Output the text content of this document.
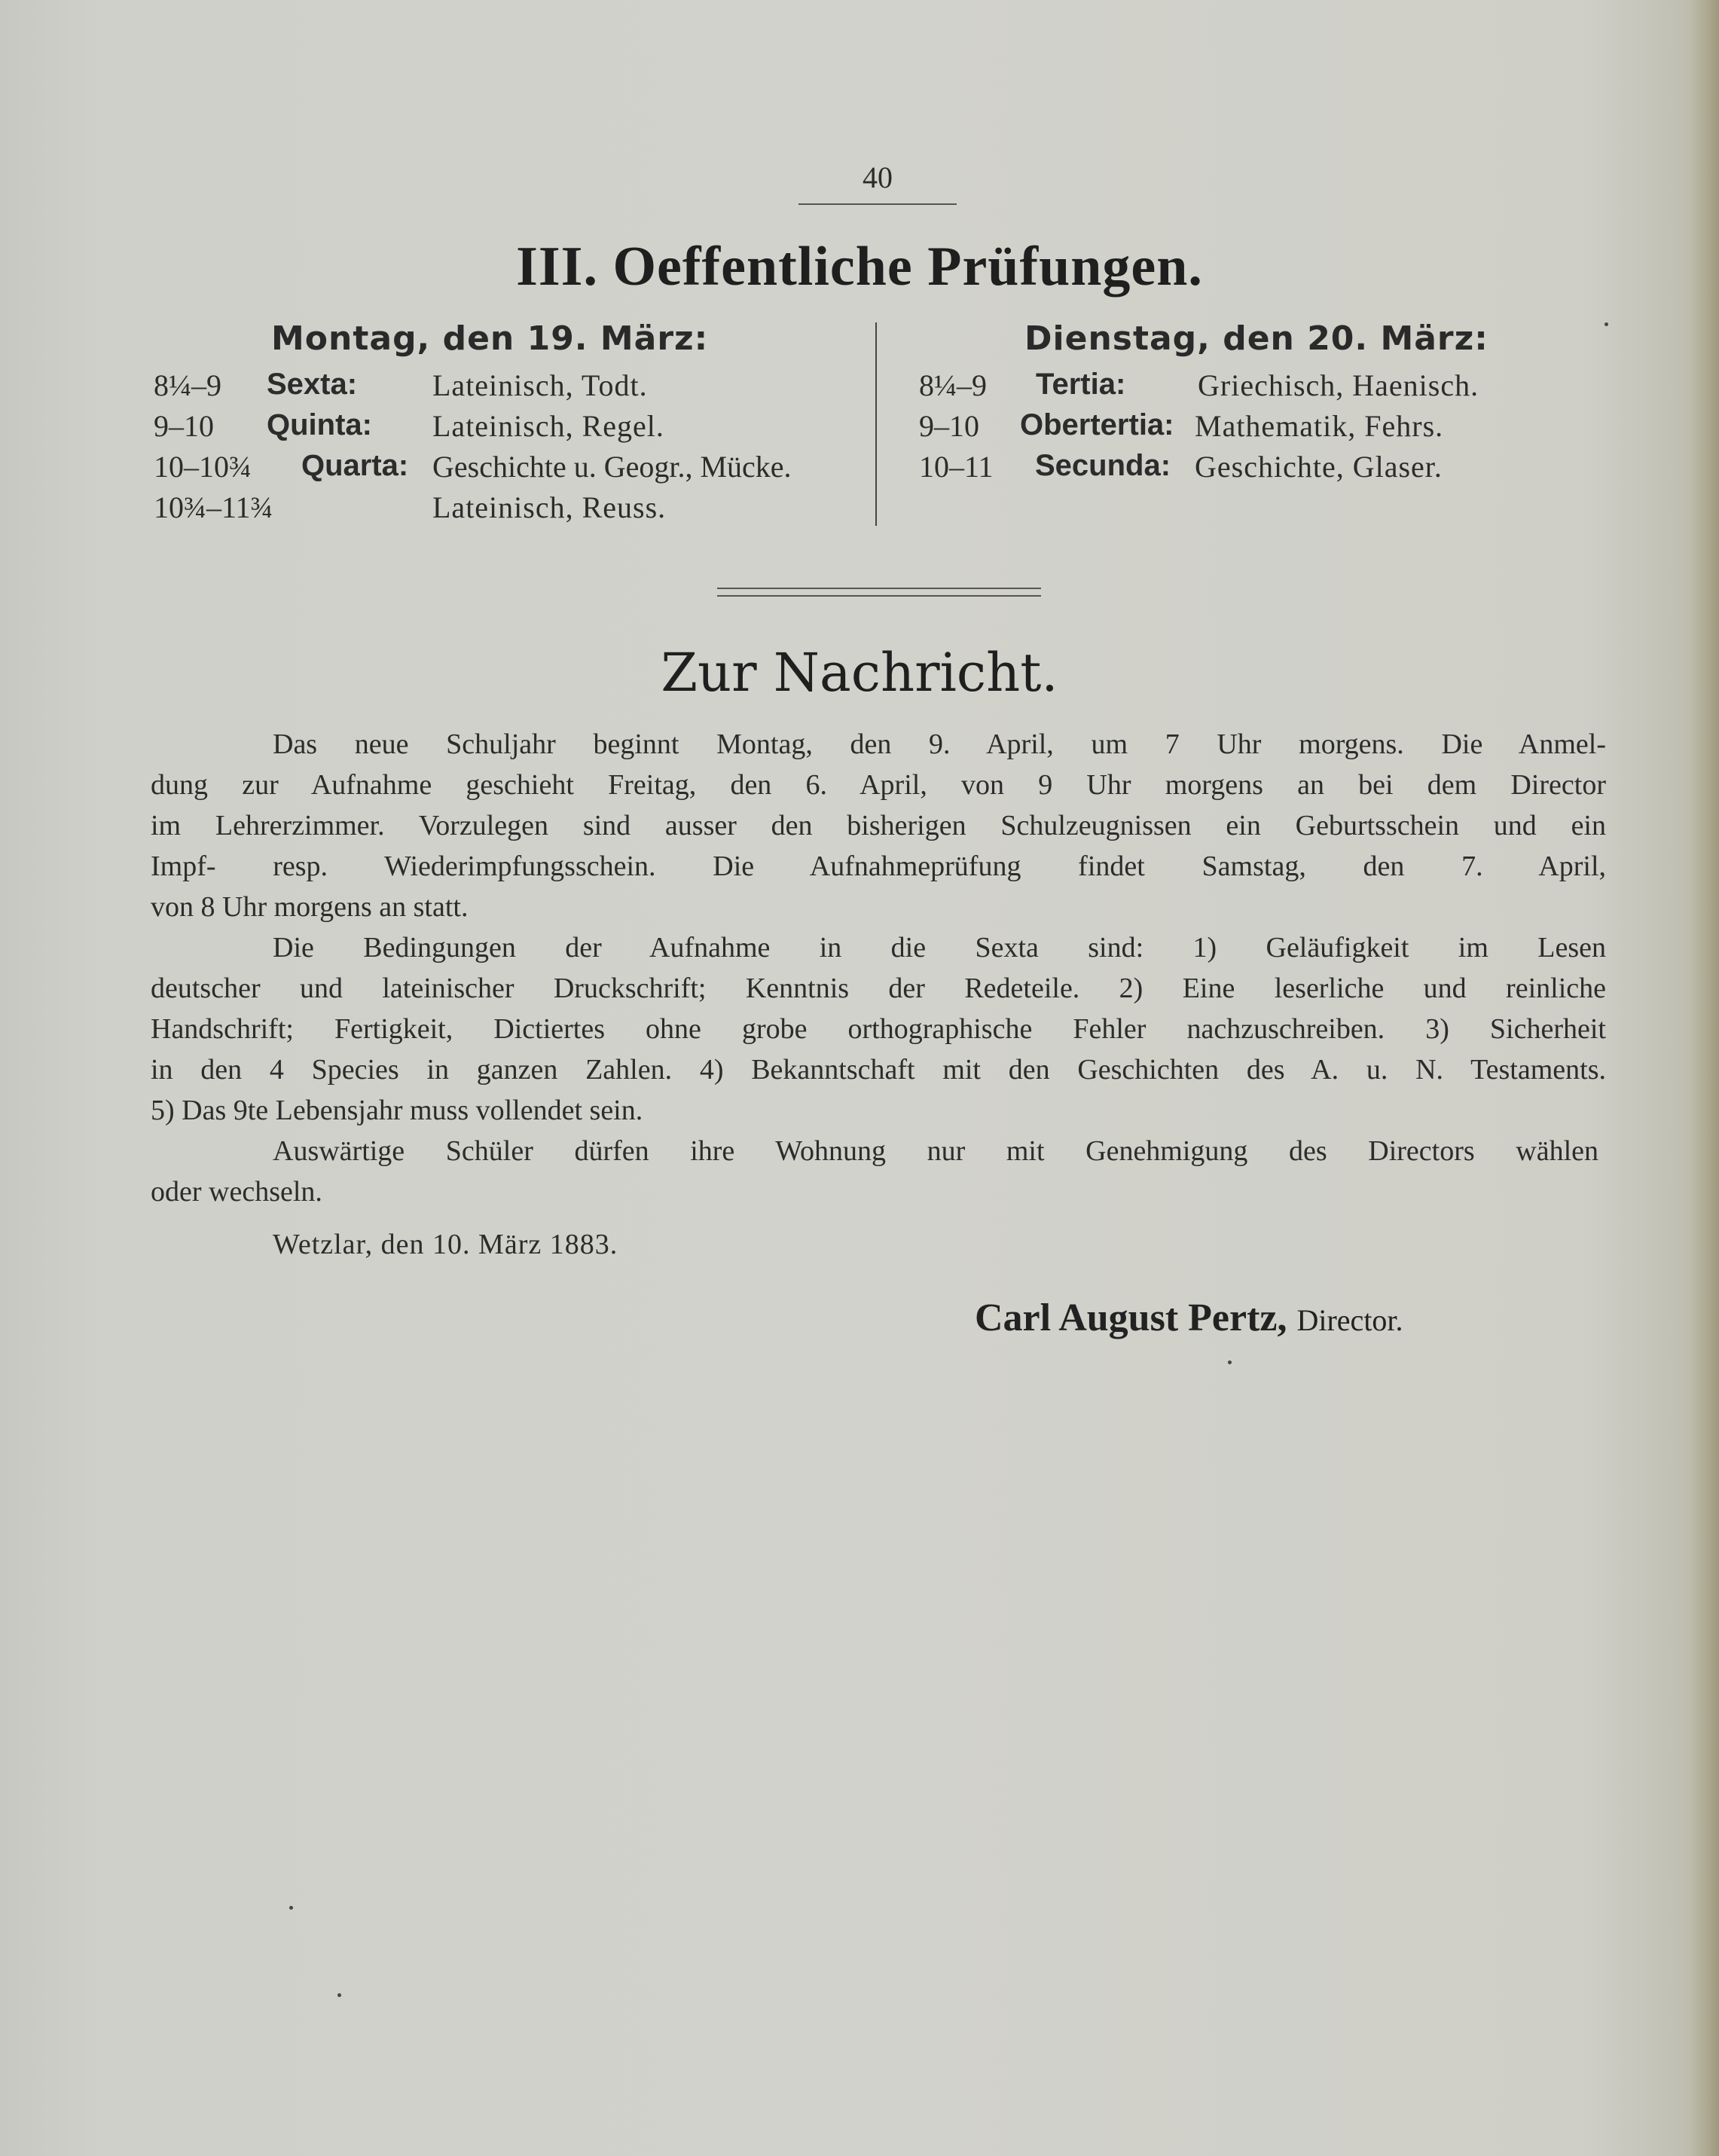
40
III. Oeffentliche Prüfungen.
Montag, den 19. März:
8¼–9 Sexta: Lateinisch, Todt.
9–10 Quinta: Lateinisch, Regel.
10–10¾ Quarta: Geschichte u. Geogr., Mücke.
10¾–11¾	Lateinisch, Reuss.
Dienstag, den 20. März:
8¼–9 Tertia: Griechisch, Haenisch.
9–10 Obertertia: Mathematik, Fehrs.
10–11 Secunda: Geschichte, Glaser.
Zur Nachricht.
Das neue Schuljahr beginnt Montag, den 9. April, um 7 Uhr morgens. Die Anmel-
dung zur Aufnahme geschieht Freitag, den 6. April, von 9 Uhr morgens an bei dem Director
im Lehrerzimmer. Vorzulegen sind ausser den bisherigen Schulzeugnissen ein Geburtsschein und ein
Impf- resp. Wiederimpfungsschein. Die Aufnahmeprüfung findet Samstag, den 7. April,
von 8 Uhr morgens an statt.
Die Bedingungen der Aufnahme in die Sexta sind: 1) Geläufigkeit im Lesen
deutscher und lateinischer Druckschrift; Kenntnis der Redeteile. 2) Eine leserliche und reinliche
Handschrift; Fertigkeit, Dictiertes ohne grobe orthographische Fehler nachzuschreiben. 3) Sicherheit
in den 4 Species in ganzen Zahlen. 4) Bekanntschaft mit den Geschichten des A. u. N. Testaments.
5) Das 9te Lebensjahr muss vollendet sein.
Auswärtige Schüler dürfen ihre Wohnung nur mit Genehmigung des Directors wählen
oder wechseln.
Wetzlar, den 10. März 1883.
Carl August Pertz, Director.
